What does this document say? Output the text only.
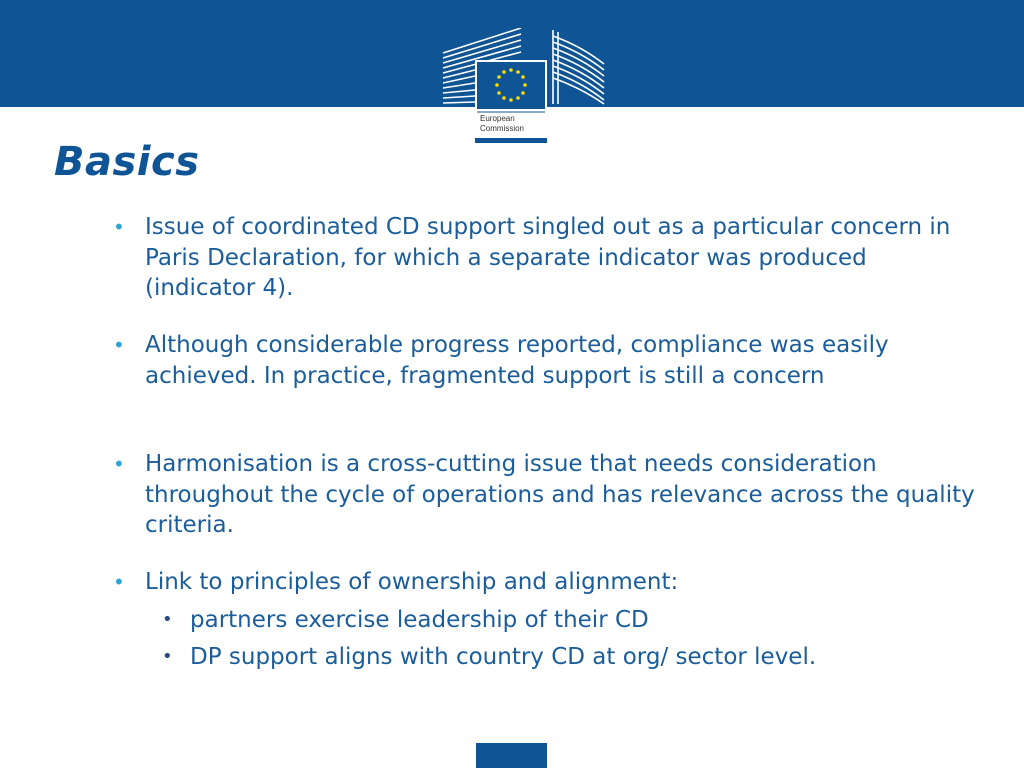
European
Commission
Basics
• Issue of coordinated CD support singled out as a particular concern in Paris Declaration, for which a separate indicator was produced (indicator 4).
• Although considerable progress reported, compliance was easily achieved. In practice, fragmented support is still a concern
• Harmonisation is a cross-cutting issue that needs consideration throughout the cycle of operations and has relevance across the quality criteria.
• Link to principles of ownership and alignment:
• partners exercise leadership of their CD
• DP support aligns with country CD at org/ sector level.
